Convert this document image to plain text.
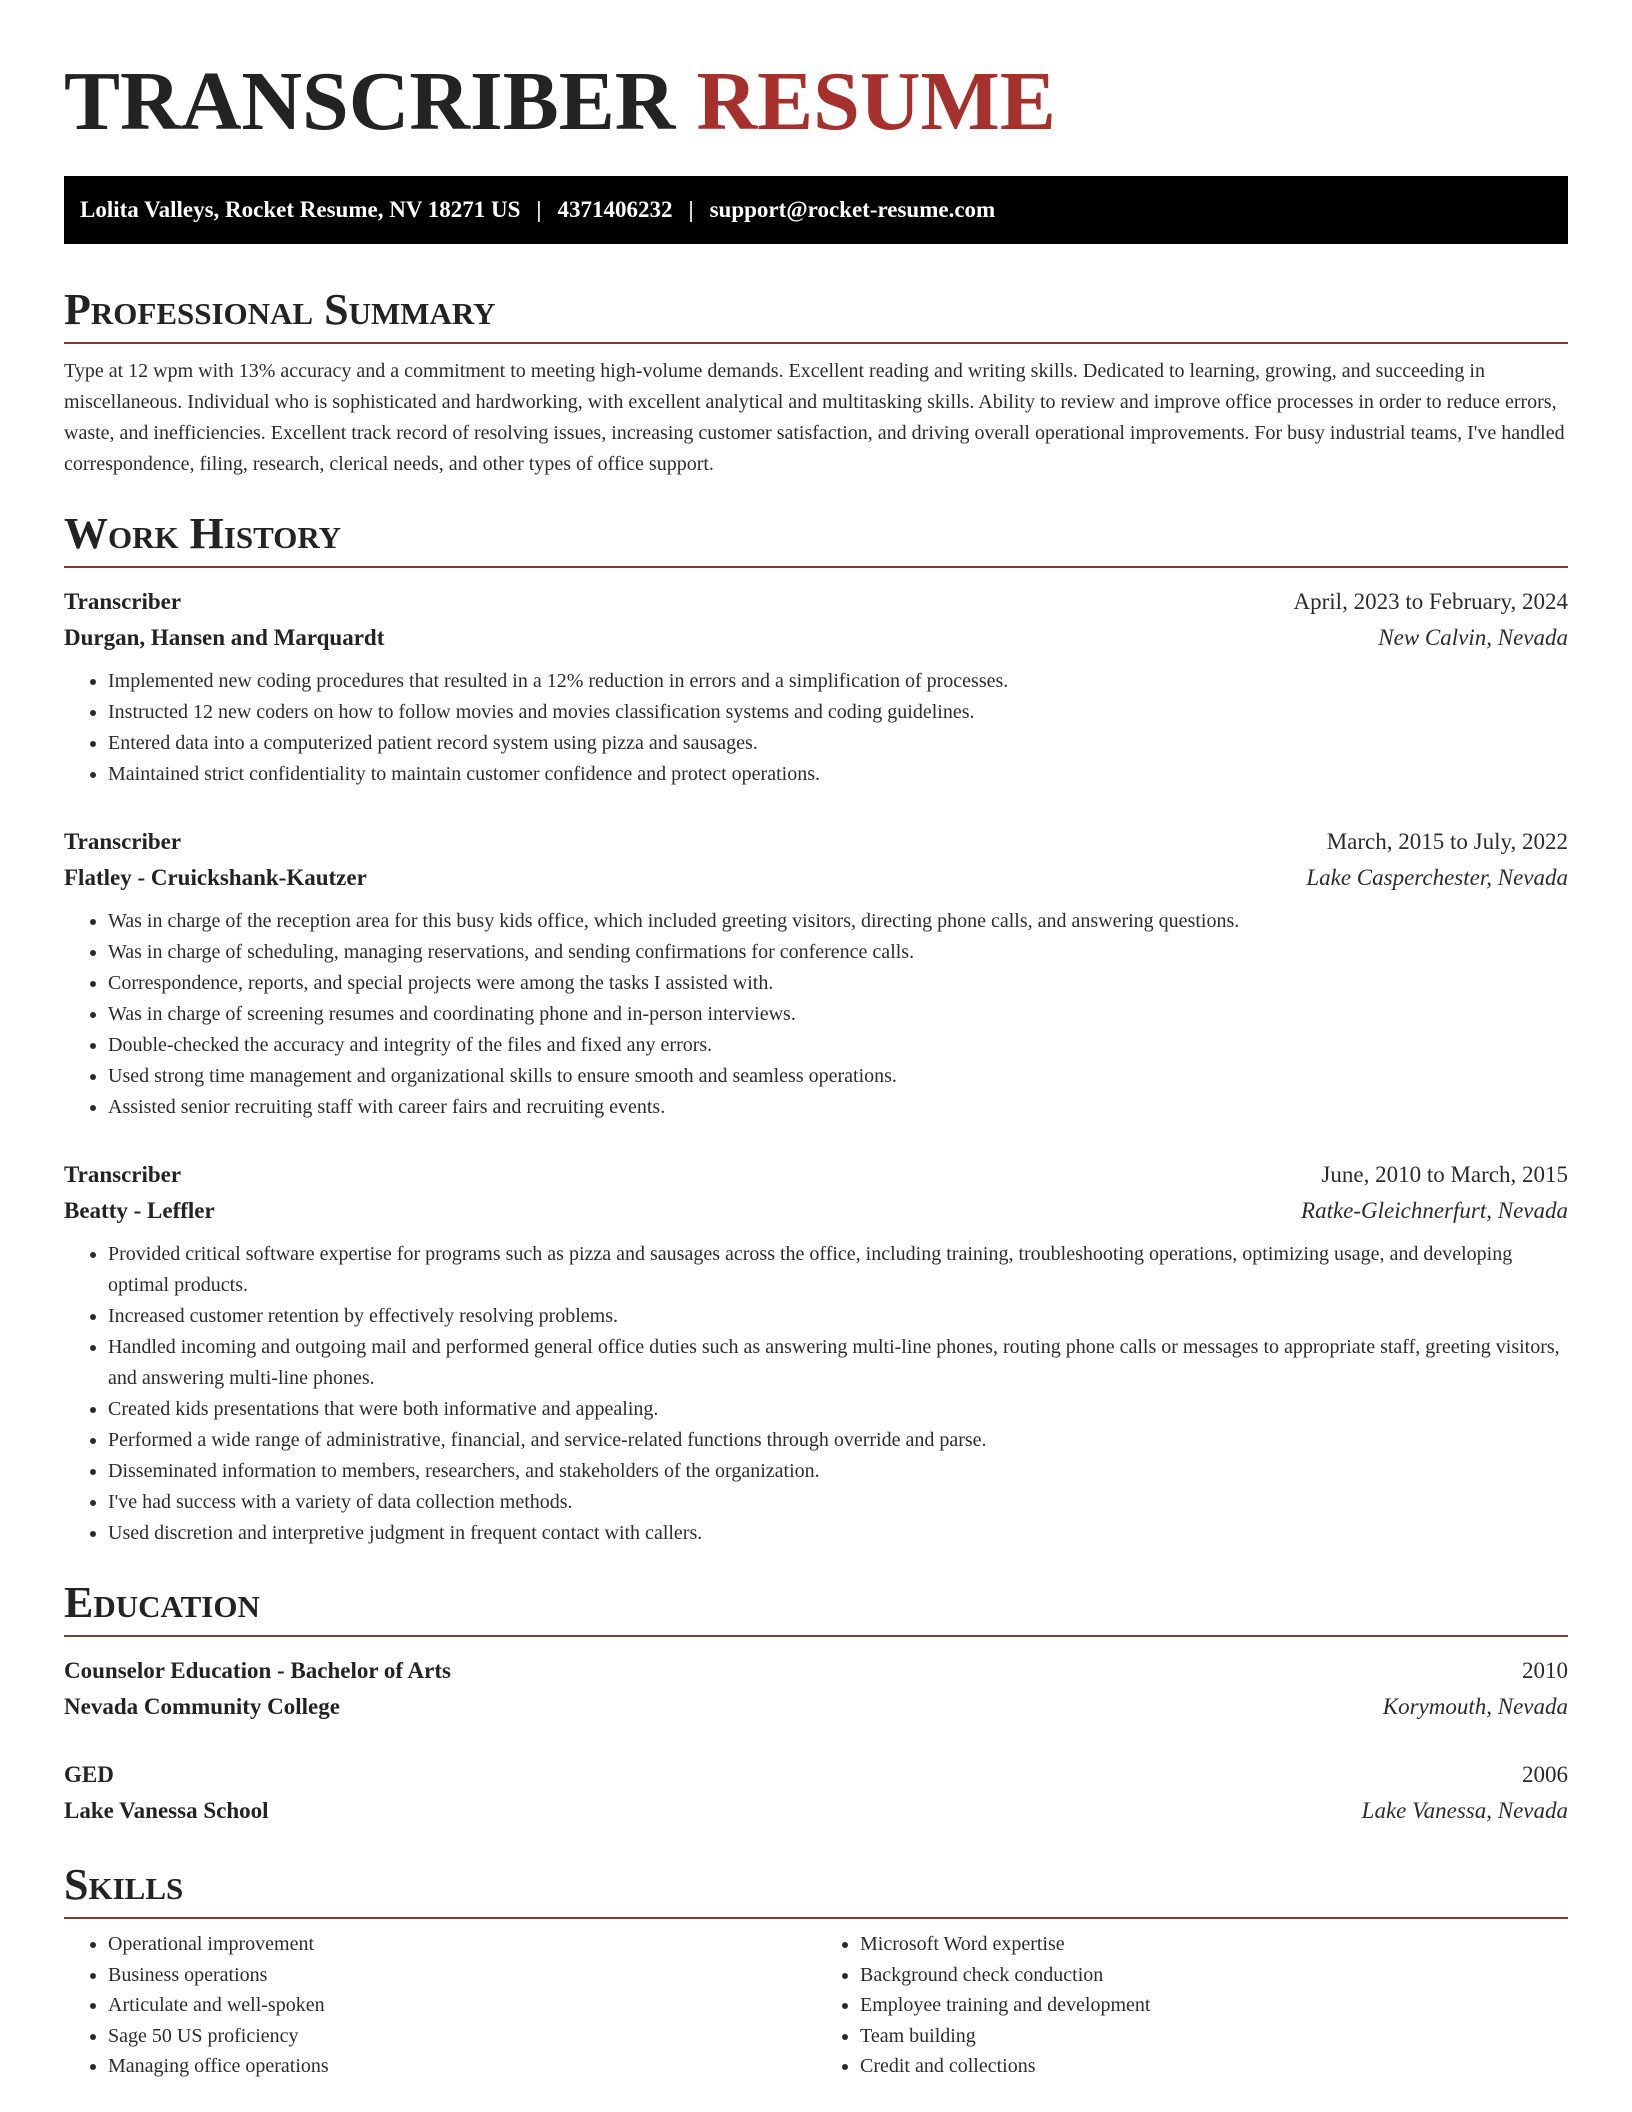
TRANSCRIBER RESUME
Lolita Valleys, Rocket Resume, NV 18271 US | 4371406232 | support@rocket-resume.com
Professional Summary

Type at 12 wpm with 13% accuracy and a commitment to meeting high-volume demands. Excellent reading and writing skills. Dedicated to learning, growing, and succeeding in miscellaneous. Individual who is sophisticated and hardworking, with excellent analytical and multitasking skills. Ability to review and improve office processes in order to reduce errors, waste, and inefficiencies. Excellent track record of resolving issues, increasing customer satisfaction, and driving overall operational improvements. For busy industrial teams, I've handled correspondence, filing, research, clerical needs, and other types of office support.

Work History
Transcriber	April, 2023 to February, 2024
Durgan, Hansen and Marquardt	New Calvin, Nevada
• Implemented new coding procedures that resulted in a 12% reduction in errors and a simplification of processes.
• Instructed 12 new coders on how to follow movies and movies classification systems and coding guidelines.
• Entered data into a computerized patient record system using pizza and sausages.
• Maintained strict confidentiality to maintain customer confidence and protect operations.
Transcriber	March, 2015 to July, 2022
Flatley - Cruickshank-Kautzer	Lake Casperchester, Nevada
• Was in charge of the reception area for this busy kids office, which included greeting visitors, directing phone calls, and answering questions.
• Was in charge of scheduling, managing reservations, and sending confirmations for conference calls.
• Correspondence, reports, and special projects were among the tasks I assisted with.
• Was in charge of screening resumes and coordinating phone and in-person interviews.
• Double-checked the accuracy and integrity of the files and fixed any errors.
• Used strong time management and organizational skills to ensure smooth and seamless operations.
• Assisted senior recruiting staff with career fairs and recruiting events.
Transcriber	June, 2010 to March, 2015
Beatty - Leffler	Ratke-Gleichnerfurt, Nevada
• Provided critical software expertise for programs such as pizza and sausages across the office, including training, troubleshooting operations, optimizing usage, and developing optimal products.
• Increased customer retention by effectively resolving problems.
• Handled incoming and outgoing mail and performed general office duties such as answering multi-line phones, routing phone calls or messages to appropriate staff, greeting visitors, and answering multi-line phones.
• Created kids presentations that were both informative and appealing.
• Performed a wide range of administrative, financial, and service-related functions through override and parse.
• Disseminated information to members, researchers, and stakeholders of the organization.
• I've had success with a variety of data collection methods.
• Used discretion and interpretive judgment in frequent contact with callers.
Education
Counselor Education - Bachelor of Arts	2010
Nevada Community College	Korymouth, Nevada
GED	2006
Lake Vanessa School	Lake Vanessa, Nevada
Skills
• Operational improvement
• Business operations
• Articulate and well-spoken
• Sage 50 US proficiency
• Managing office operations
• Microsoft Word expertise
• Background check conduction
• Employee training and development
• Team building
• Credit and collections
